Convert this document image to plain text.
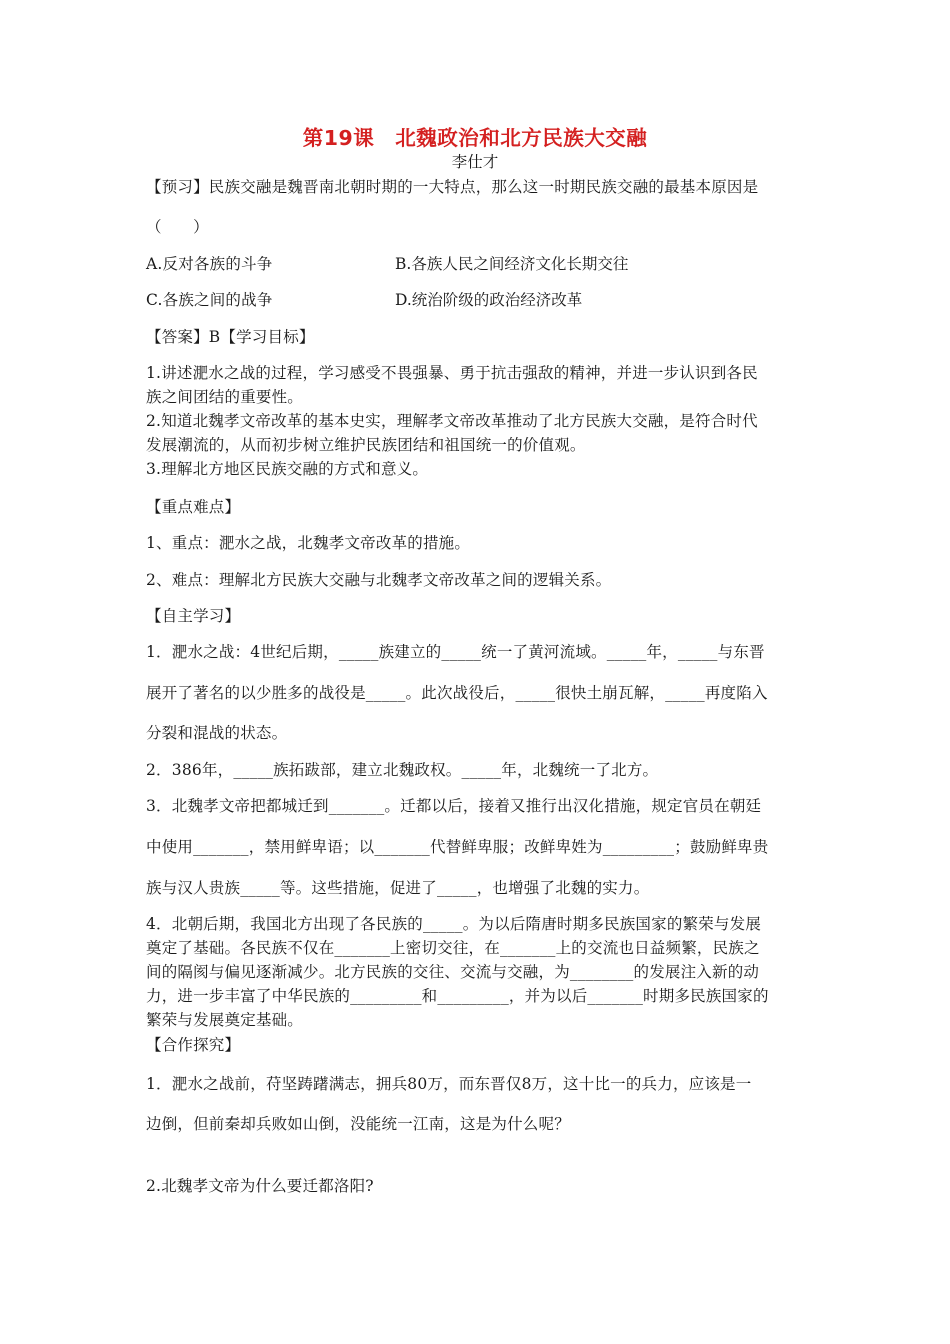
第19课　北魏政治和北方民族大交融
李仕才
【预习】民族交融是魏晋南北朝时期的一大特点，那么这一时期民族交融的最基本原因是
（　　）
A.反对各族的斗争	B.各族人民之间经济文化长期交往
C.各族之间的战争	D.统治阶级的政治经济改革
【答案】B【学习目标】
1.讲述淝水之战的过程，学习感受不畏强暴、勇于抗击强敌的精神，并进一步认识到各民
族之间团结的重要性。
2.知道北魏孝文帝改革的基本史实，理解孝文帝改革推动了北方民族大交融，是符合时代
发展潮流的，从而初步树立维护民族团结和祖国统一的价值观。
3.理解北方地区民族交融的方式和意义。
【重点难点】
1、重点：淝水之战，北魏孝文帝改革的措施。
2、难点：理解北方民族大交融与北魏孝文帝改革之间的逻辑关系。
【自主学习】
1．淝水之战：4世纪后期，_____族建立的_____统一了黄河流域。_____年，_____与东晋
展开了著名的以少胜多的战役是_____。此次战役后，_____很快土崩瓦解，_____再度陷入
分裂和混战的状态。
2．386年，_____族拓跋部，建立北魏政权。_____年，北魏统一了北方。
3．北魏孝文帝把都城迁到_______。迁都以后，接着又推行出汉化措施，规定官员在朝廷
中使用_______，禁用鲜卑语；以_______代替鲜卑服；改鲜卑姓为_________；鼓励鲜卑贵
族与汉人贵族_____等。这些措施，促进了_____，也增强了北魏的实力。
4．北朝后期，我国北方出现了各民族的_____。为以后隋唐时期多民族国家的繁荣与发展
奠定了基础。各民族不仅在_______上密切交往，在_______上的交流也日益频繁，民族之
间的隔阂与偏见逐渐减少。北方民族的交往、交流与交融，为________的发展注入新的动
力，进一步丰富了中华民族的_________和_________，并为以后_______时期多民族国家的
繁荣与发展奠定基础。
【合作探究】
1．淝水之战前，苻坚踌躇满志，拥兵80万，而东晋仅8万，这十比一的兵力，应该是一
边倒，但前秦却兵败如山倒，没能统一江南，这是为什么呢？
2.北魏孝文帝为什么要迁都洛阳?
